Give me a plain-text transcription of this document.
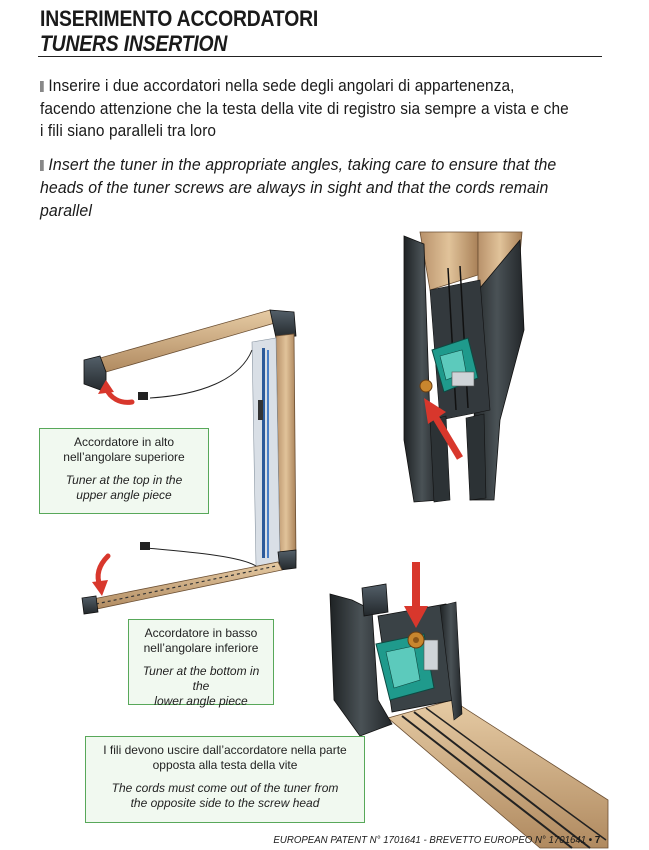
INSERIMENTO ACCORDATORI
TUNERS INSERTION
Inserire i due accordatori nella sede degli angolari di appartenenza, facendo attenzione che la testa della vite di registro sia sempre a vista e che i fili siano paralleli tra loro
Insert the tuner in the appropriate angles, taking care to ensure that the heads of the tuner screws are always in sight and that the cords remain parallel
Accordatore in alto
nell’angolare superiore
Tuner at the top in the
upper angle piece
Accordatore in basso
nell’angolare inferiore
Tuner at the bottom in the
lower angle piece
I fili devono uscire dall’accordatore nella parte
opposta alla testa della vite
The cords must come out of the tuner from
the opposite side to the screw head
EUROPEAN PATENT N° 1701641 - BREVETTO EUROPEO N° 1701641 • 7
